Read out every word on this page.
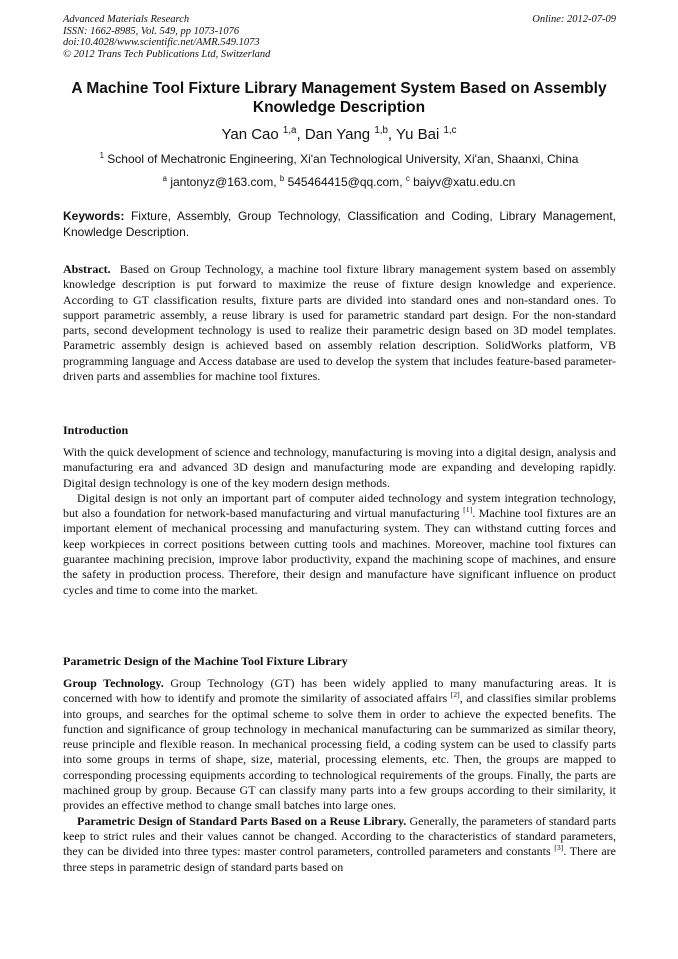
Advanced Materials Research
ISSN: 1662-8985, Vol. 549, pp 1073-1076
doi:10.4028/www.scientific.net/AMR.549.1073
© 2012 Trans Tech Publications Ltd, Switzerland
Online: 2012-07-09
A Machine Tool Fixture Library Management System Based on Assembly Knowledge Description
Yan Cao $^{1,a}$, Dan Yang $^{1,b}$, Yu Bai $^{1,c}$
$^1$ School of Mechatronic Engineering, Xi'an Technological University, Xi'an, Shaanxi, China
$^a$ jantonyz@163.com, $^b$ 545464415@qq.com, $^c$ baiyv@xatu.edu.cn
Keywords: Fixture, Assembly, Group Technology, Classification and Coding, Library Management, Knowledge Description.

Abstract. Based on Group Technology, a machine tool fixture library management system based on assembly knowledge description is put forward to maximize the reuse of fixture design knowledge and experience. According to GT classification results, fixture parts are divided into standard ones and non-standard ones. To support parametric assembly, a reuse library is used for parametric standard part design. For the non-standard parts, second development technology is used to realize their parametric design based on 3D model templates. Parametric assembly design is achieved based on assembly relation description. SolidWorks platform, VB programming language and Access database are used to develop the system that includes feature-based parameter-driven parts and assemblies for machine tool fixtures.

Introduction

With the quick development of science and technology, manufacturing is moving into a digital design, analysis and manufacturing era and advanced 3D design and manufacturing mode are expanding and developing rapidly. Digital design technology is one of the key modern design methods.

Digital design is not only an important part of computer aided technology and system integration technology, but also a foundation for network-based manufacturing and virtual manufacturing [1]. Machine tool fixtures are an important element of mechanical processing and manufacturing system. They can withstand cutting forces and keep workpieces in correct positions between cutting tools and machines. Moreover, machine tool fixtures can guarantee machining precision, improve labor productivity, expand the machining scope of machines, and ensure the safety in production process. Therefore, their design and manufacture have significant influence on product cycles and time to come into the market.

Parametric Design of the Machine Tool Fixture Library

Group Technology. Group Technology (GT) has been widely applied to many manufacturing areas. It is concerned with how to identify and promote the similarity of associated affairs [2], and classifies similar problems into groups, and searches for the optimal scheme to solve them in order to achieve the expected benefits. The function and significance of group technology in mechanical manufacturing can be summarized as similar theory, reuse principle and flexible reason. In mechanical processing field, a coding system can be used to classify parts into some groups in terms of shape, size, material, processing elements, etc. Then, the groups are mapped to corresponding processing equipments according to technological requirements of the groups. Finally, the parts are machined group by group. Because GT can classify many parts into a few groups according to their similarity, it provides an effective method to change small batches into large ones.

Parametric Design of Standard Parts Based on a Reuse Library. Generally, the parameters of standard parts keep to strict rules and their values cannot be changed. According to the characteristics of standard parameters, they can be divided into three types: master control parameters, controlled parameters and constants [3]. There are three steps in parametric design of standard parts based on
